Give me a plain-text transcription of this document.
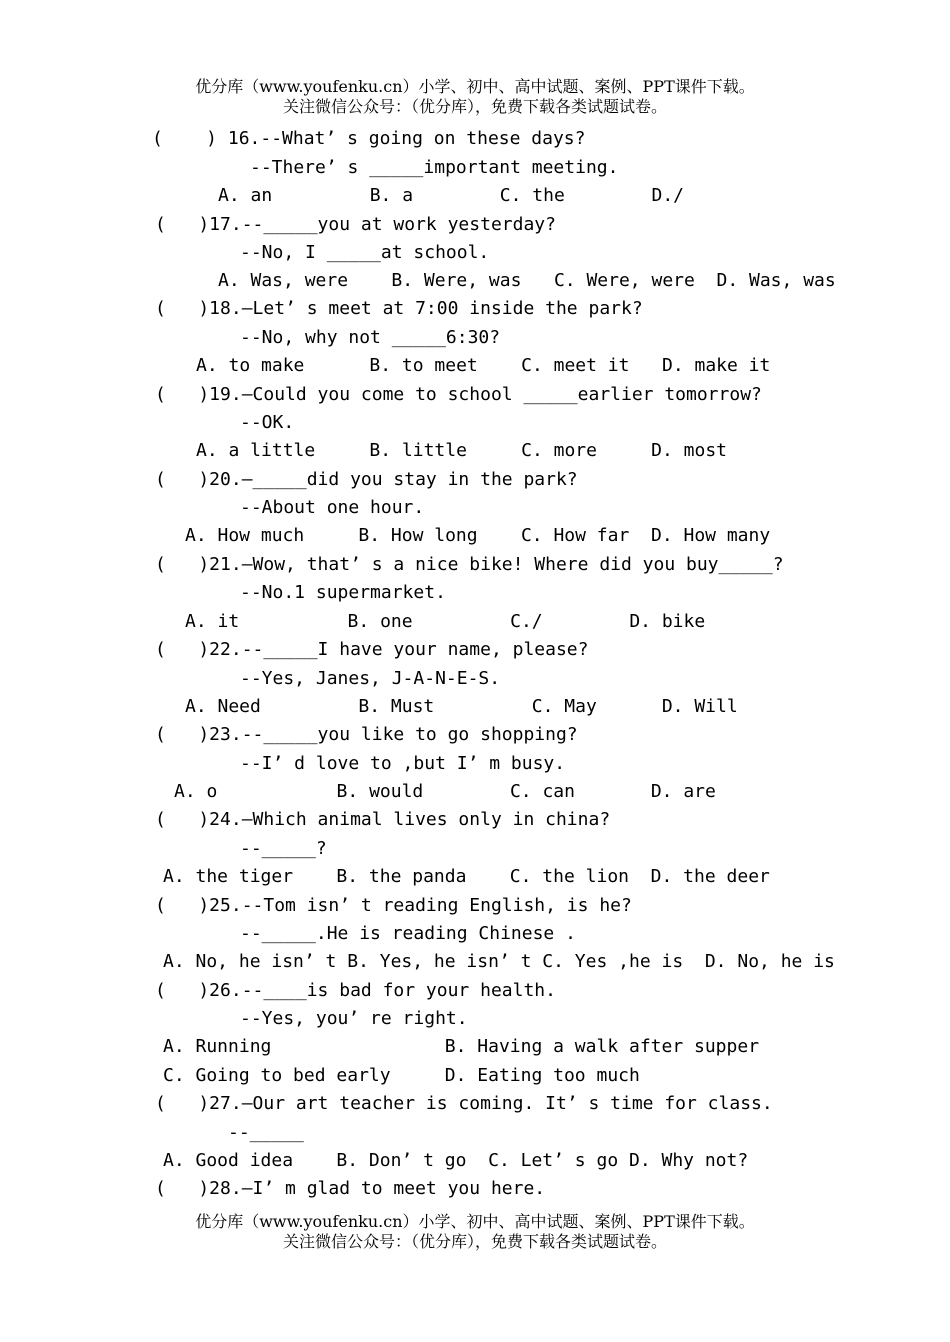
优分库（www.youfenku.cn）小学、初中、高中试题、案例、PPT课件下载。
关注微信公众号：（优分库），免费下载各类试题试卷。
(    ) 16.--What’ s going on these days?
--There’ s _____important meeting.
A. an         B. a        C. the        D./
(   )17.--_____you at work yesterday?
--No, I _____at school.
A. Was, were    B. Were, was   C. Were, were  D. Was, was
(   )18.—Let’ s meet at 7:00 inside the park?
--No, why not _____6:30?
A. to make      B. to meet    C. meet it   D. make it
(   )19.—Could you come to school _____earlier tomorrow?
--OK.
A. a little     B. little     C. more     D. most
(   )20.—_____did you stay in the park?
--About one hour.
A. How much     B. How long    C. How far  D. How many
(   )21.—Wow, that’ s a nice bike! Where did you buy_____?
--No.1 supermarket.
A. it          B. one         C./        D. bike
(   )22.--_____I have your name, please?
--Yes, Janes, J-A-N-E-S.
A. Need         B. Must         C. May      D. Will
(   )23.--_____you like to go shopping?
--I’ d love to ,but I’ m busy.
A. o           B. would        C. can       D. are
(   )24.—Which animal lives only in china?
--_____?
A. the tiger    B. the panda    C. the lion  D. the deer
(   )25.--Tom isn’ t reading English, is he?
--_____.He is reading Chinese .
A. No, he isn’ t B. Yes, he isn’ t C. Yes ,he is  D. No, he is
(   )26.--____is bad for your health.
--Yes, you’ re right.
A. Running                B. Having a walk after supper
C. Going to bed early     D. Eating too much
(   )27.—Our art teacher is coming. It’ s time for class.
--_____
A. Good idea    B. Don’ t go  C. Let’ s go D. Why not?
(   )28.—I’ m glad to meet you here.
优分库（www.youfenku.cn）小学、初中、高中试题、案例、PPT课件下载。
关注微信公众号：（优分库），免费下载各类试题试卷。
